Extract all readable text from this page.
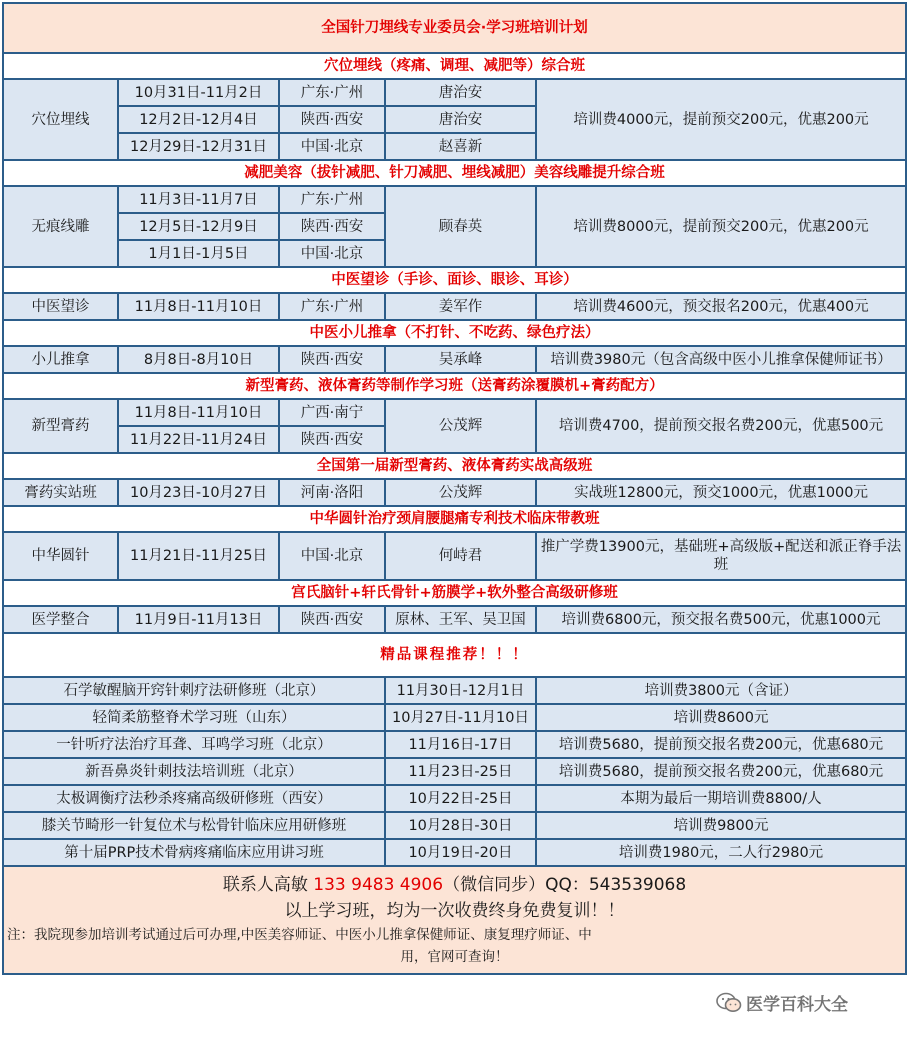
全国针刀埋线专业委员会·学习班培训计划				
穴位埋线（疼痛、调理、减肥等）综合班				
穴位埋线	10月31日-11月2日	广东·广州	唐治安	培训费4000元，提前预交200元，优惠200元
	12月2日-12月4日	陕西·西安	唐治安	
	12月29日-12月31日	中国·北京	赵喜新	
减肥美容（拔针减肥、针刀减肥、埋线减肥）美容线雕提升综合班				
无痕线雕	11月3日-11月7日	广东·广州	顾春英	培训费8000元，提前预交200元，优惠200元
	12月5日-12月9日	陕西·西安		
	1月1日-1月5日	中国·北京		
中医望诊（手诊、面诊、眼诊、耳诊）				
中医望诊	11月8日-11月10日	广东·广州	姜军作	培训费4600元，预交报名200元，优惠400元
中医小儿推拿（不打针、不吃药、绿色疗法）				
小儿推拿	8月8日-8月10日	陕西·西安	吴承峰	培训费3980元（包含高级中医小儿推拿保健师证书）
新型膏药、液体膏药等制作学习班（送膏药涂覆膜机+膏药配方）				
新型膏药	11月8日-11月10日	广西·南宁	公茂辉	培训费4700，提前预交报名费200元，优惠500元
	11月22日-11月24日	陕西·西安		
全国第一届新型膏药、液体膏药实战高级班				
膏药实站班	10月23日-10月27日	河南·洛阳	公茂辉	实战班12800元，预交1000元，优惠1000元
中华圆针治疗颈肩腰腿痛专利技术临床带教班				
中华圆针	11月21日-11月25日	中国·北京	何峙君	推广学费13900元，基础班+高级版+配送和派正脊手法班
宫氏脑针+轩氏骨针+筋膜学+软外整合高级研修班				
医学整合	11月9日-11月13日	陕西·西安	原林、王军、吴卫国	培训费6800元，预交报名费500元，优惠1000元
精品课程推荐！！！				
石学敏醒脑开窍针刺疗法研修班（北京）			11月30日-12月1日	培训费3800元（含证）
轻简柔筋整脊术学习班（山东）			10月27日-11月10日	培训费8600元
一针听疗法治疗耳聋、耳鸣学习班（北京）			11月16日-17日	培训费5680，提前预交报名费200元，优惠680元
新吾鼻炎针刺技法培训班（北京）			11月23日-25日	培训费5680，提前预交报名费200元，优惠680元
太极调衡疗法秒杀疼痛高级研修班（西安）			10月22日-25日	本期为最后一期培训费8800/人
膝关节畸形一针复位术与松骨针临床应用研修班			10月28日-30日	培训费9800元
第十届PRP技术骨病疼痛临床应用讲习班			10月19日-20日	培训费1980元，二人行2980元

联系人高敏 133 9483 4906（微信同步）QQ：543539068
以上学习班，均为一次收费终身免费复训！！
注：我院现参加培训考试通过后可办理,中医美容师证、中医小儿推拿保健师证、康复理疗师证、中
用，官网可查询！				
医学百科大全
